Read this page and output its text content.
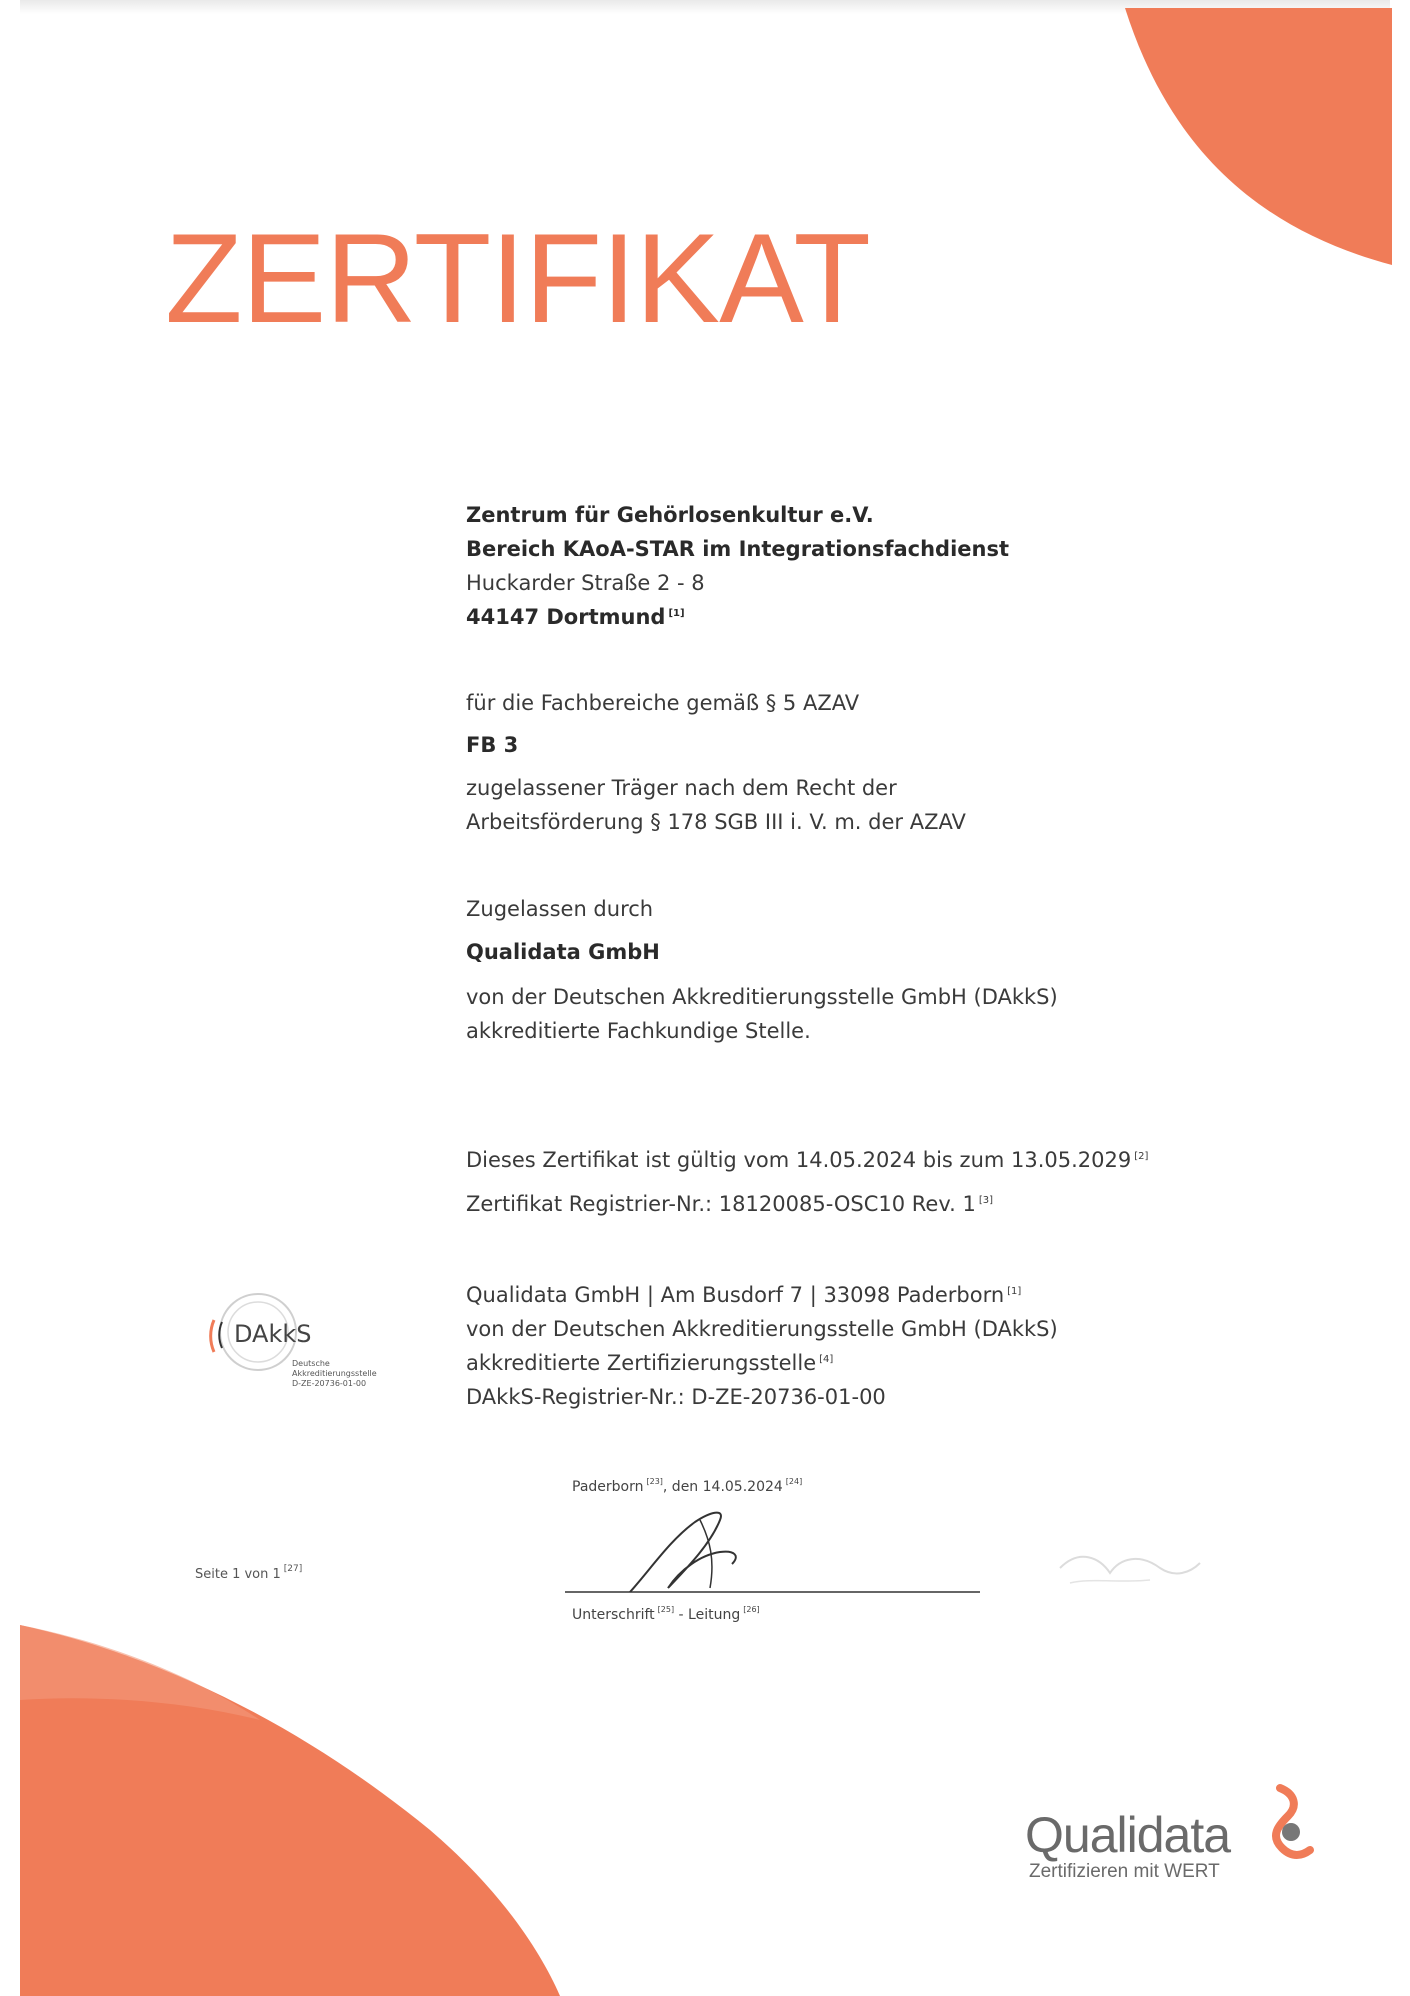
ZERTIFIKAT
Zentrum für Gehörlosenkultur e.V.
Bereich KAoA-STAR im Integrationsfachdienst
Huckarder Straße 2 - 8
44147 Dortmund [1]
für die Fachbereiche gemäß § 5 AZAV
FB 3
zugelassener Träger nach dem Recht der
Arbeitsförderung § 178 SGB III i. V. m. der AZAV
Zugelassen durch
Qualidata GmbH
von der Deutschen Akkreditierungsstelle GmbH (DAkkS)
akkreditierte Fachkundige Stelle.
Dieses Zertifikat ist gültig vom 14.05.2024 bis zum 13.05.2029 [2]
Zertifikat Registrier-Nr.: 18120085-OSC10 Rev. 1 [3]
Qualidata GmbH | Am Busdorf 7 | 33098 Paderborn [1]
von der Deutschen Akkreditierungsstelle GmbH (DAkkS)
akkreditierte Zertifizierungsstelle [4]
DAkkS-Registrier-Nr.: D-ZE-20736-01-00
DAkkS
Deutsche
Akkreditierungsstelle
D-ZE-20736-01-00
Seite 1 von 1 [27]
Paderborn [23], den 14.05.2024 [24]
Unterschrift [25] - Leitung [26]
Qualidata
Zertifizieren mit WERT
